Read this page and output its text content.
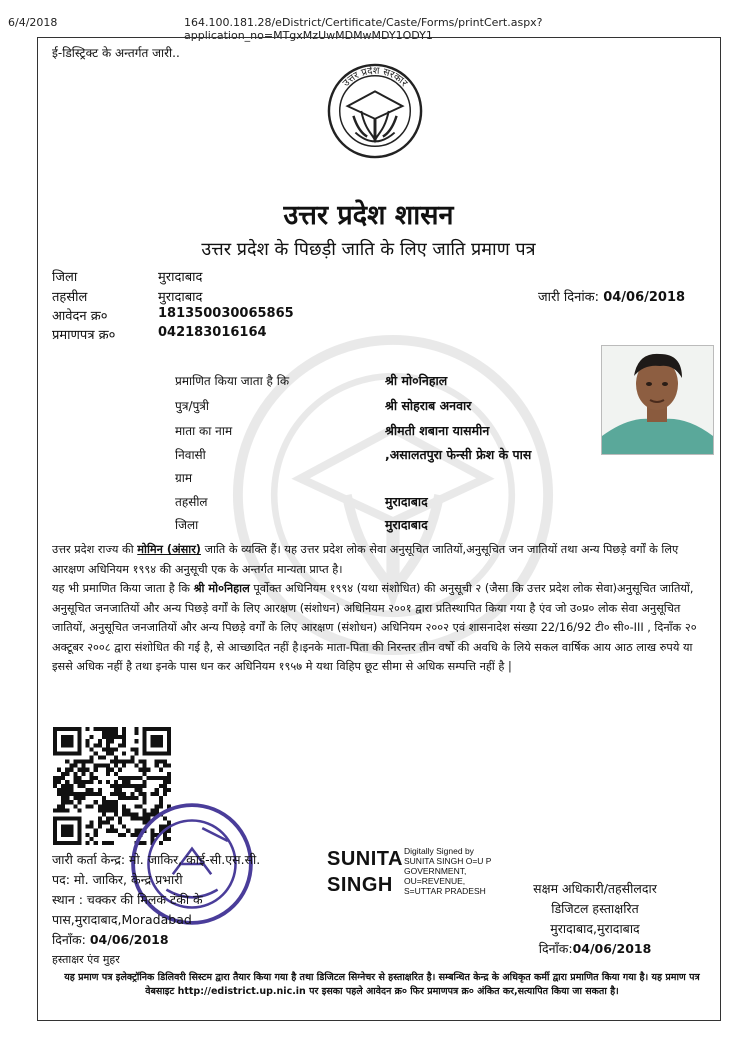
6/4/2018	164.100.181.28/eDistrict/Certificate/Caste/Forms/printCert.aspx?application_no=MTgxMzUwMDMwMDY1ODY1
ई-डिस्ट्रिक्ट के अन्तर्गत जारी..
उत्तर प्रदेश सरकार
उत्तर प्रदेश शासन
उत्तर प्रदेश के पिछड़ी जाति के लिए जाति प्रमाण पत्र
जिला	मुरादाबाद
तहसील	मुरादाबाद
आवेदन क्र०	181350030065865
प्रमाणपत्र क्र०	042183016164
जारी दिनांक: 04/06/2018
प्रमाणित किया जाता है कि	श्री मो०निहाल
पुत्र/पुत्री	श्री सोहराब अनवार
माता का नाम	श्रीमती शबाना यासमीन
निवासी	,असालतपुरा फेन्सी फ्रेश के पास
ग्राम
तहसील	मुरादाबाद
जिला	मुरादाबाद

उत्तर प्रदेश राज्य की मोमिन (अंसार) जाति के व्यक्ति हैं। यह उत्तर प्रदेश लोक सेवा अनुसूचित जातियों,अनुसूचित जन जातियों तथा अन्य पिछड़े वर्गों के लिए आरक्षण अधिनियम १९९४ की अनुसूची एक के अन्तर्गत मान्यता प्राप्त है।

यह भी प्रमाणित किया जाता है कि श्री मो०निहाल पूर्वोक्त अधिनियम १९९४ (यथा संशोधित) की अनुसूची २ (जैसा कि उत्तर प्रदेश लोक सेवा)अनुसूचित जातियों, अनुसूचित जनजातियों और अन्य पिछड़े वर्गों के लिए आरक्षण (संशोधन) अधिनियम २००१ द्वारा प्रतिस्थापित किया गया है एंव जो उ०प्र० लोक सेवा अनुसूचित जातियों, अनुसूचित जनजातियों और अन्य पिछड़े वर्गों के लिए आरक्षण (संशोधन) अधिनियम २००२ एवं शासनादेश संख्या 22/16/92 टी० सी०-III , दिनाँक २० अक्टूबर २००८ द्वारा संशोधित की गई है, से आच्छादित नहीं है।इनके माता-पिता की निरन्तर तीन वर्षो की अवधि के लिये सकल वार्षिक आय आठ लाख रुपये या इससे अधिक नहीं है तथा इनके पास धन कर अधिनियम १९५७ मे यथा विहिप छूट सीमा से अधिक सम्पत्ति नहीं है |

जारी कर्ता केन्द्र: मो. जाकिर, काई-सी.एस.सी.
पद: मो. जाकिर, केन्द्र प्रभारी
स्थान : चक्कर की मिलक टंकी के
पास,मुरादाबाद,Moradabad
दिनाँक: 04/06/2018
हस्ताक्षर एंव मुहर
SUNITA
SINGH
Digitally Signed by
SUNITA SINGH O=U P
GOVERNMENT,
OU=REVENUE,
S=UTTAR PRADESH	सक्षम अधिकारी/तहसीलदार
डिजिटल हस्ताक्षरित
मुरादाबाद,मुरादाबाद
दिनाँक:04/06/2018
यह प्रमाण पत्र इलेक्ट्रॉनिक डिलिवरी सिस्टम द्वारा तैयार किया गया है तथा डिजिटल सिग्नेचर से हस्ताक्षरित है। सम्बन्धित केन्द्र के अधिकृत कर्मी द्वारा प्रमाणित किया गया है। यह प्रमाण पत्र वेबसाइट http://edistrict.up.nic.in पर इसका पहले आवेदन क्र० फिर प्रमाणपत्र क्र० अंकित कर,सत्यापित किया जा सकता है।
